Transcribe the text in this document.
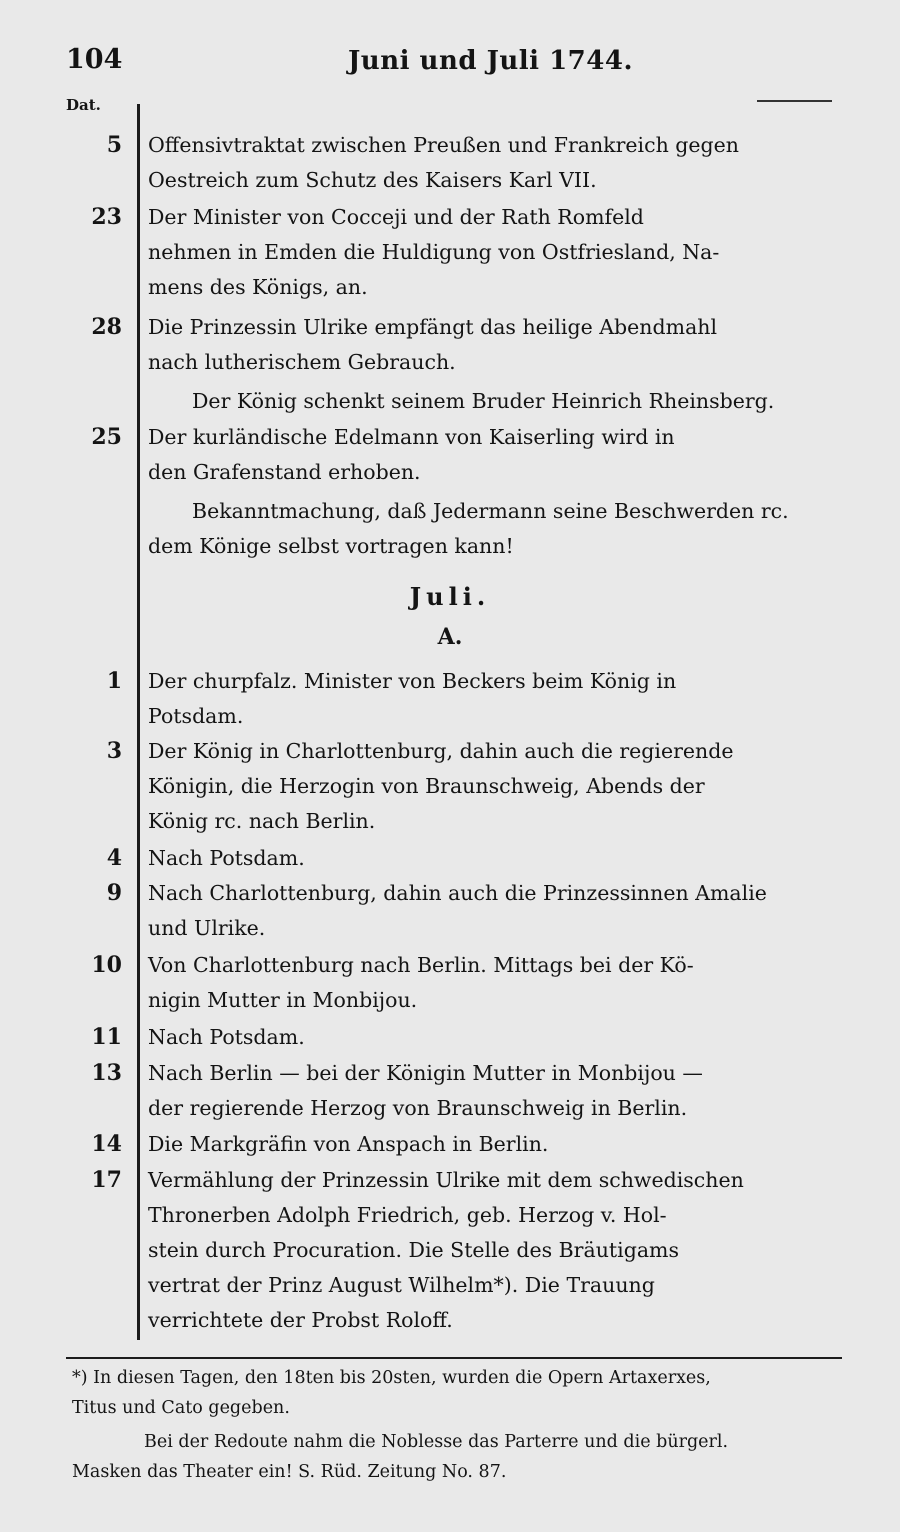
104	Juni und Juli 1744.
Dat.
5 Offensivtraktat zwischen Preußen und Frankreich gegen
Oestreich zum Schutz des Kaisers Karl VII.
23 Der Minister von Cocceji und der Rath Romfeld
nehmen in Emden die Huldigung von Ostfriesland, Na-
mens des Königs, an.
28 Die Prinzessin Ulrike empfängt das heilige Abendmahl
nach lutherischem Gebrauch.
Der König schenkt seinem Bruder Heinrich Rheinsberg.
25 Der kurländische Edelmann von Kaiserling wird in
den Grafenstand erhoben.
Bekanntmachung, daß Jedermann seine Beschwerden rc.
dem Könige selbst vortragen kann!
Juli.
A.
1 Der churpfalz. Minister von Beckers beim König in
Potsdam.
3 Der König in Charlottenburg, dahin auch die regierende
Königin, die Herzogin von Braunschweig, Abends der
König rc. nach Berlin.
4 Nach Potsdam.
9 Nach Charlottenburg, dahin auch die Prinzessinnen Amalie
und Ulrike.
10 Von Charlottenburg nach Berlin. Mittags bei der Kö-
nigin Mutter in Monbijou.
11 Nach Potsdam.
13 Nach Berlin — bei der Königin Mutter in Monbijou —
der regierende Herzog von Braunschweig in Berlin.
14 Die Markgräfin von Anspach in Berlin.
17 Vermählung der Prinzessin Ulrike mit dem schwedischen
Thronerben Adolph Friedrich, geb. Herzog v. Hol-
stein durch Procuration. Die Stelle des Bräutigams
vertrat der Prinz August Wilhelm*). Die Trauung
verrichtete der Probst Roloff.
*) In diesen Tagen, den 18ten bis 20sten, wurden die Opern Artaxerxes,
Titus und Cato gegeben.
Bei der Redoute nahm die Noblesse das Parterre und die bürgerl.
Masken das Theater ein! S. Rüd. Zeitung No. 87.
